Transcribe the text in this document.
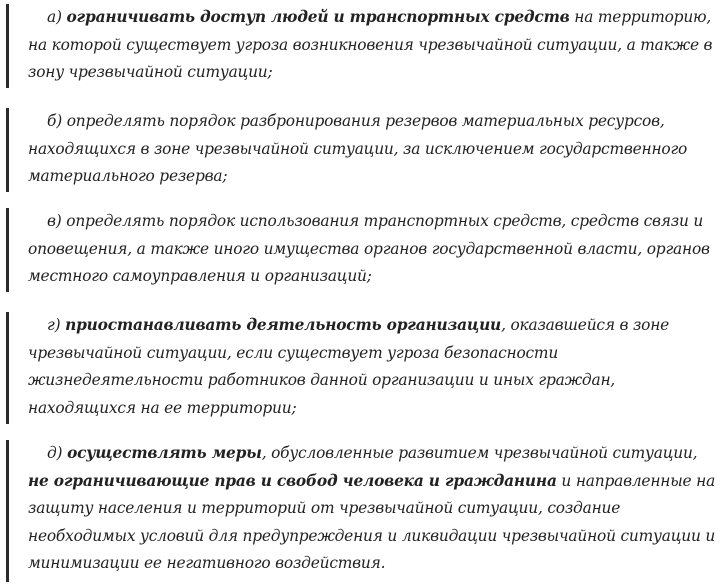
а) ограничивать доступ людей и транспортных средств на территорию, на которой существует угроза возникновения чрезвычайной ситуации, а также в зону чрезвычайной ситуации;

б) определять порядок разбронирования резервов материальных ресурсов, находящихся в зоне чрезвычайной ситуации, за исключением государственного материального резерва;

в) определять порядок использования транспортных средств, средств связи и оповещения, а также иного имущества органов государственной власти, органов местного самоуправления и организаций;

г) приостанавливать деятельность организации, оказавшейся в зоне чрезвычайной ситуации, если существует угроза безопасности жизнедеятельности работников данной организации и иных граждан, находящихся на ее территории;

д) осуществлять меры, обусловленные развитием чрезвычайной ситуации, не ограничивающие прав и свобод человека и гражданина и направленные на защиту населения и территорий от чрезвычайной ситуации, создание необходимых условий для предупреждения и ликвидации чрезвычайной ситуации и минимизации ее негативного воздействия.
